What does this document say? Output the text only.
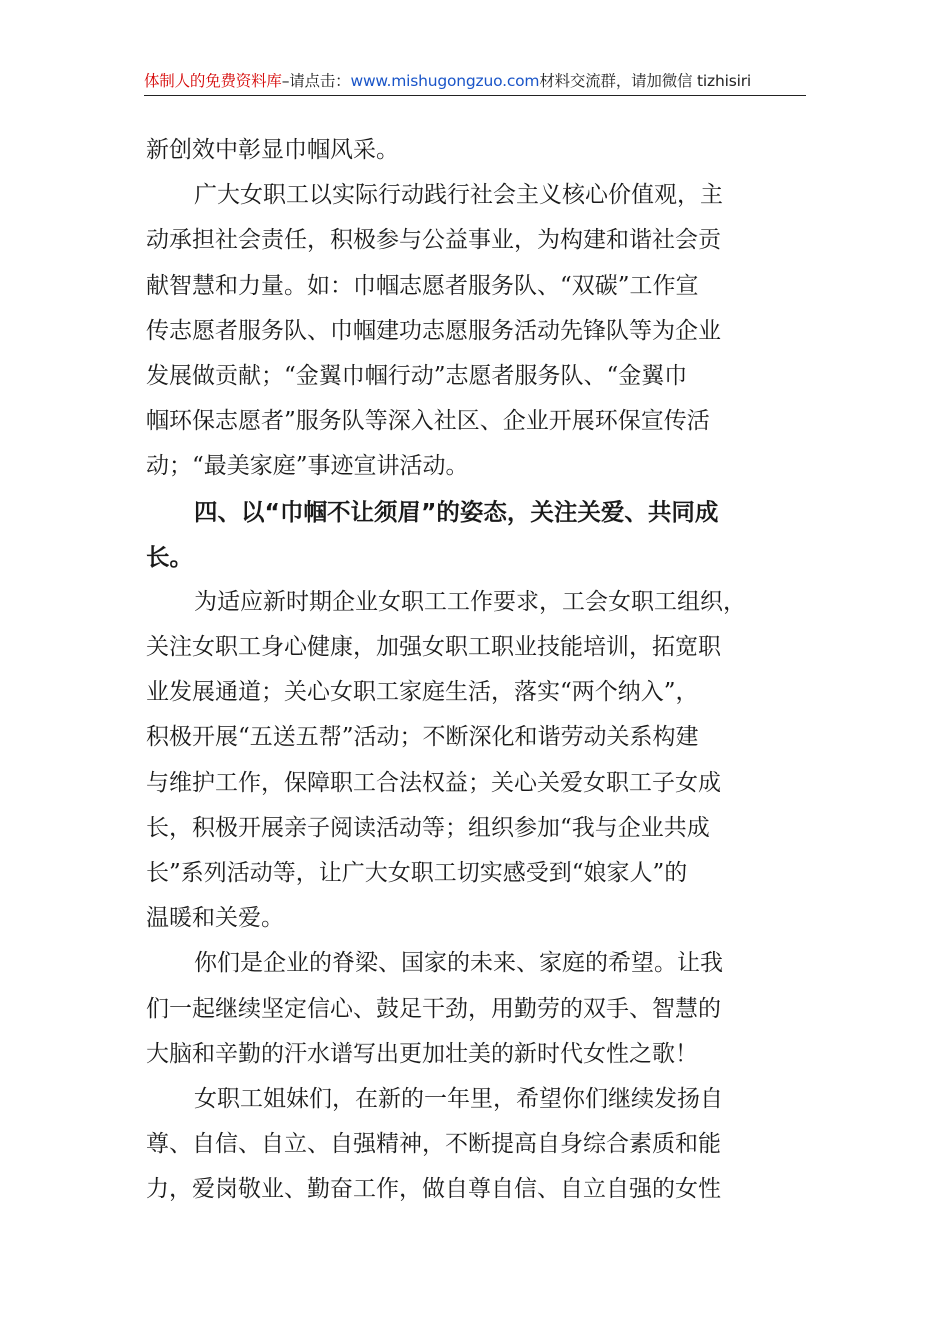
体制人的免费资料库–请点击：www.mishugongzuo.com材料交流群，请加微信 tizhisiri
新创效中彰显巾帼风采。
广大女职工以实际行动践行社会主义核心价值观，主
动承担社会责任，积极参与公益事业，为构建和谐社会贡
献智慧和力量。如：巾帼志愿者服务队、“双碳”工作宣
传志愿者服务队、巾帼建功志愿服务活动先锋队等为企业
发展做贡献；“金翼巾帼行动”志愿者服务队、“金翼巾
帼环保志愿者”服务队等深入社区、企业开展环保宣传活
动；“最美家庭”事迹宣讲活动。
四、以“巾帼不让须眉”的姿态，关注关爱、共同成
长。
为适应新时期企业女职工工作要求，工会女职工组织，
关注女职工身心健康，加强女职工职业技能培训，拓宽职
业发展通道；关心女职工家庭生活，落实“两个纳入”，
积极开展“五送五帮”活动；不断深化和谐劳动关系构建
与维护工作，保障职工合法权益；关心关爱女职工子女成
长，积极开展亲子阅读活动等；组织参加“我与企业共成
长”系列活动等，让广大女职工切实感受到“娘家人”的
温暖和关爱。
你们是企业的脊梁、国家的未来、家庭的希望。让我
们一起继续坚定信心、鼓足干劲，用勤劳的双手、智慧的
大脑和辛勤的汗水谱写出更加壮美的新时代女性之歌！
女职工姐妹们，在新的一年里，希望你们继续发扬自
尊、自信、自立、自强精神，不断提高自身综合素质和能
力，爱岗敬业、勤奋工作，做自尊自信、自立自强的女性
